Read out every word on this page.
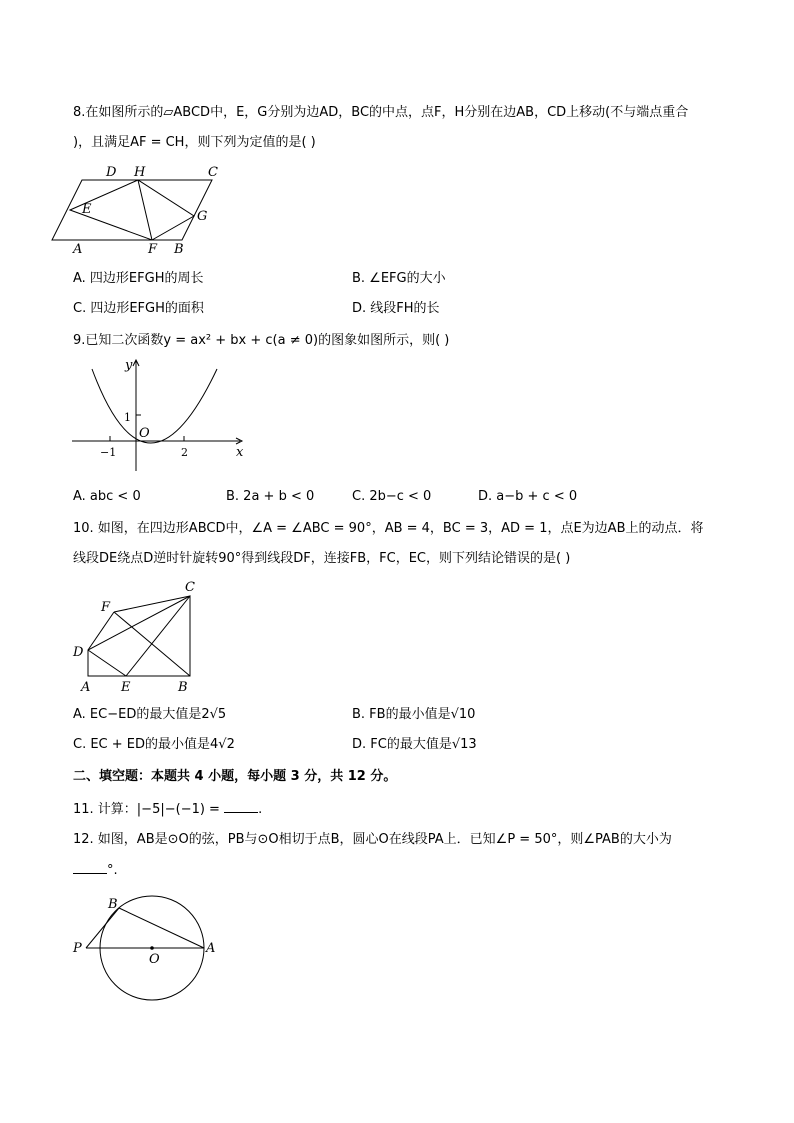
8.在如图所示的▱ABCD中，E，G分别为边AD，BC的中点，点F，H分别在边AB，CD上移动(不与端点重合
)，且满足AF = CH，则下列为定值的是( )
D H	C
E	G
A	F B
A. 四边形EFGH的周长	B. ∠EFG的大小
C. 四边形EFGH的面积	D. 线段FH的长
9.已知二次函数y = ax² + bx + c(a ≠ 0)的图象如图所示，则( )
y
x
1
O
−1	2
A. abc < 0	B. 2a + b < 0	C. 2b−c < 0	D. a−b + c < 0
10. 如图，在四边形ABCD中，∠A = ∠ABC = 90°，AB = 4，BC = 3，AD = 1，点E为边AB上的动点．将
线段DE绕点D逆时针旋转90°得到线段DF，连接FB，FC，EC，则下列结论错误的是( )
F
C
D
A E	B
A. EC−ED的最大值是2√5	B. FB的最小值是√10
C. EC + ED的最小值是4√2	D. FC的最大值是√13
二、填空题：本题共 4 小题，每小题 3 分，共 12 分。
11. 计算：|−5|−(−1) =	.
12. 如图，AB是⊙O的弦，PB与⊙O相切于点B，圆心O在线段PA上．已知∠P = 50°，则∠PAB的大小为
°.
B
P
O
A
